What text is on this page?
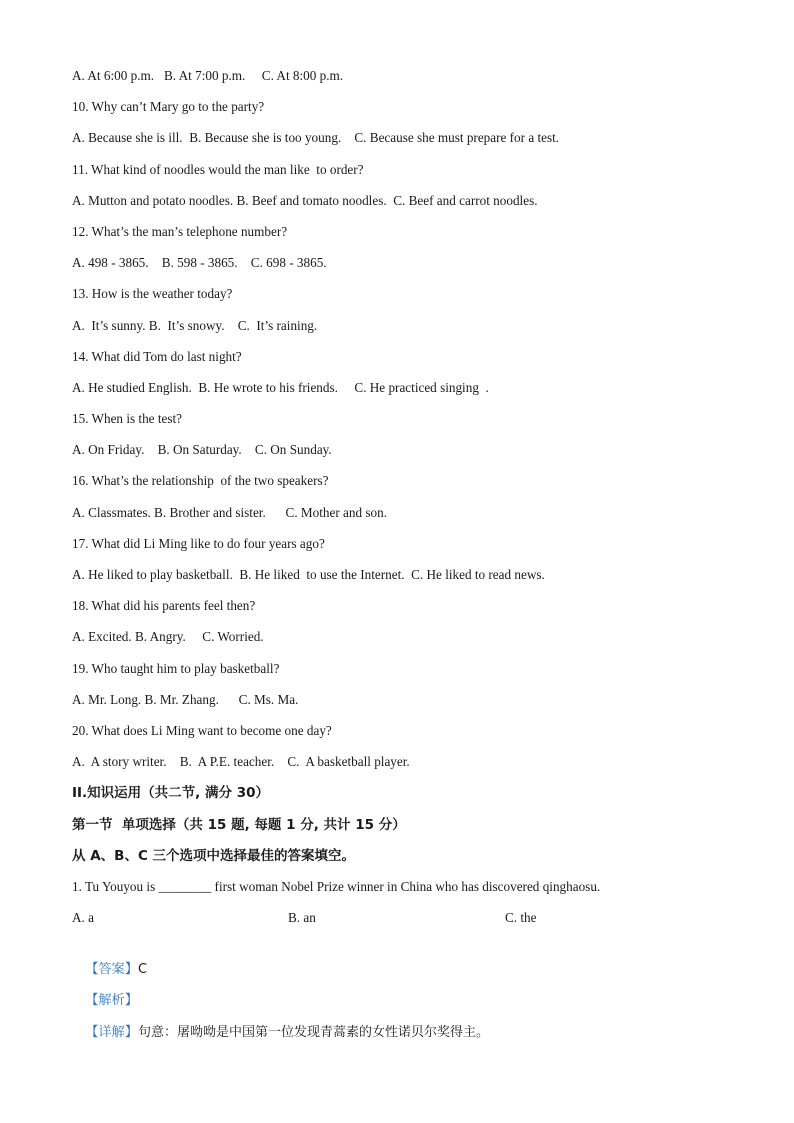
A. At 6:00 p.m.   B. At 7:00 p.m.     C. At 8:00 p.m.
10. Why can’t Mary go to the party?
A. Because she is ill.  B. Because she is too young.    C. Because she must prepare for a test.
11. What kind of noodles would the man like  to order?
A. Mutton and potato noodles. B. Beef and tomato noodles.  C. Beef and carrot noodles.
12. What’s the man’s telephone number?
A. 498 - 3865.    B. 598 - 3865.    C. 698 - 3865.
13. How is the weather today?
A.  It’s sunny. B.  It’s snowy.    C.  It’s raining.
14. What did Tom do last night?
A. He studied English.  B. He wrote to his friends.     C. He practiced singing  .
15. When is the test?
A. On Friday.    B. On Saturday.    C. On Sunday.
16. What’s the relationship  of the two speakers?
A. Classmates. B. Brother and sister.      C. Mother and son.
17. What did Li Ming like to do four years ago?
A. He liked to play basketball.  B. He liked  to use the Internet.  C. He liked to read news.
18. What did his parents feel then?
A. Excited. B. Angry.     C. Worried.
19. Who taught him to play basketball?
A. Mr. Long. B. Mr. Zhang.      C. Ms. Ma.
20. What does Li Ming want to become one day?
A.  A story writer.    B.  A P.E. teacher.    C.  A basketball player.
II.知识运用（共二节, 满分 30）
第一节  单项选择（共 15 题, 每题 1 分, 共计 15 分）
从 A、B、C 三个选项中选择最佳的答案填空。
1. Tu Youyou is ________ first woman Nobel Prize winner in China who has discovered qinghaosu.
A. a	B. an	C. the

【答案】C

【解析】

【详解】句意：屠呦呦是中国第一位发现青蒿素的女性诺贝尔奖得主。
